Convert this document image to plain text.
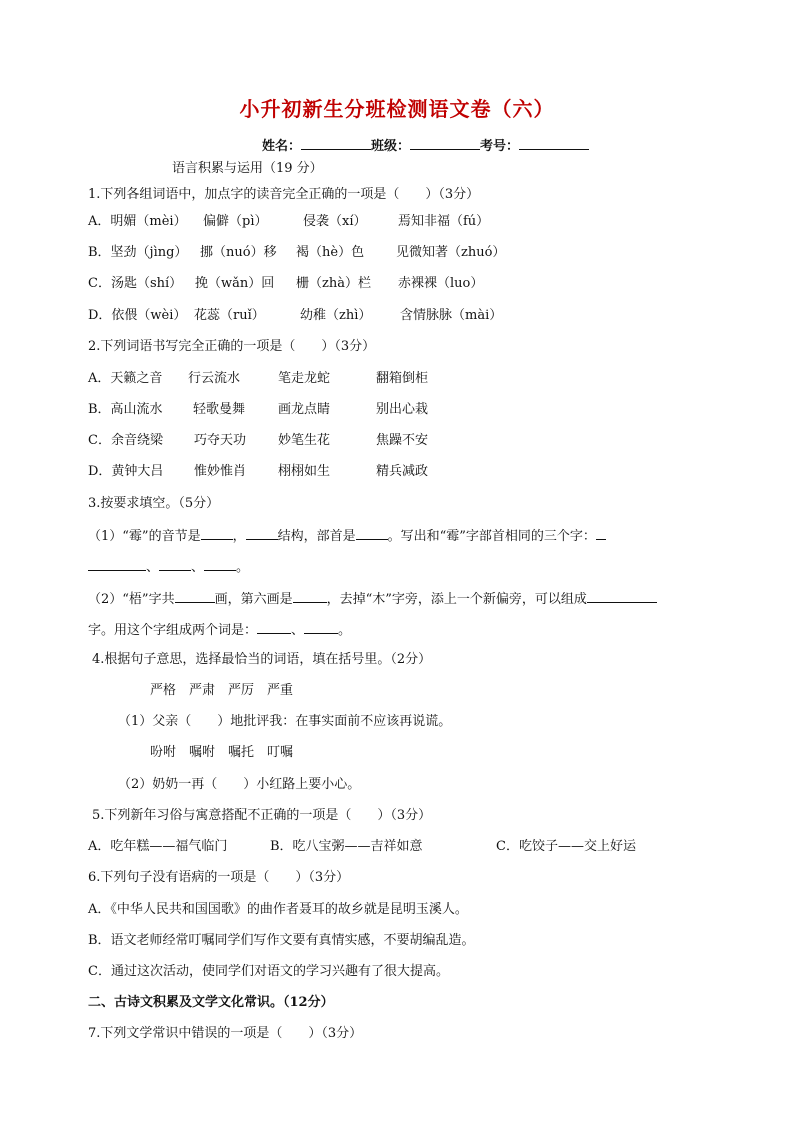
小升初新生分班检测语文卷（六）
姓名：	班级：	考号：
语言积累与运用（19 分）
1.下列各组词语中，加点字的读音完全正确的一项是（　　）（3分）
A．明媚（mèi） 偏僻（pì）	侵袭（xí） 焉知非福（fú）
B．坚劲（jìng） 挪（nuó）移 褐（hè）色 见微知著（zhuó）
C．汤匙（shí） 挽（wǎn）回 栅（zhà）栏 赤裸裸（luo）
D．依偎（wèi） 花蕊（ruǐ）	幼稚（zhì） 含情脉脉（mài）
2.下列词语书写完全正确的一项是（　　）（3分）
A．天籁之音 行云流水	笔走龙蛇	翻箱倒柜
B．高山流水 轻歌曼舞	画龙点睛	别出心栽
C．余音绕梁 巧夺天功 妙笔生花	焦躁不安
D．黄钟大吕 惟妙惟肖 栩栩如生	精兵减政
3.按要求填空。（5分）
（1）“霉”的音节是 ， 结构，部首是 。写出和“霉”字部首相同的三个字：
、 、 。
（2）“梧”字共	画，第六画是	，去掉“木”字旁，添上一个新偏旁，可以组成
字。用这个字组成两个词是：	、	。
4.根据句子意思，选择最恰当的词语，填在括号里。（2分）
严格　严肃　严厉　严重
（1）父亲（　　）地批评我：在事实面前不应该再说谎。
吩咐　嘱咐　嘱托　叮嘱
（2）奶奶一再（　　）小红路上要小心。
5.下列新年习俗与寓意搭配不正确的一项是（　　）（3分）
A．吃年糕——福气临门	B．吃八宝粥——吉祥如意	C．吃饺子——交上好运
6.下列句子没有语病的一项是（　　）（3分）
A．《中华人民共和国国歌》的曲作者聂耳的故乡就是昆明玉溪人。
B．语文老师经常叮嘱同学们写作文要有真情实感，不要胡编乱造。
C．通过这次活动，使同学们对语文的学习兴趣有了很大提高。
二、古诗文积累及文学文化常识。（12分）
7.下列文学常识中错误的一项是（　　）（3分）
